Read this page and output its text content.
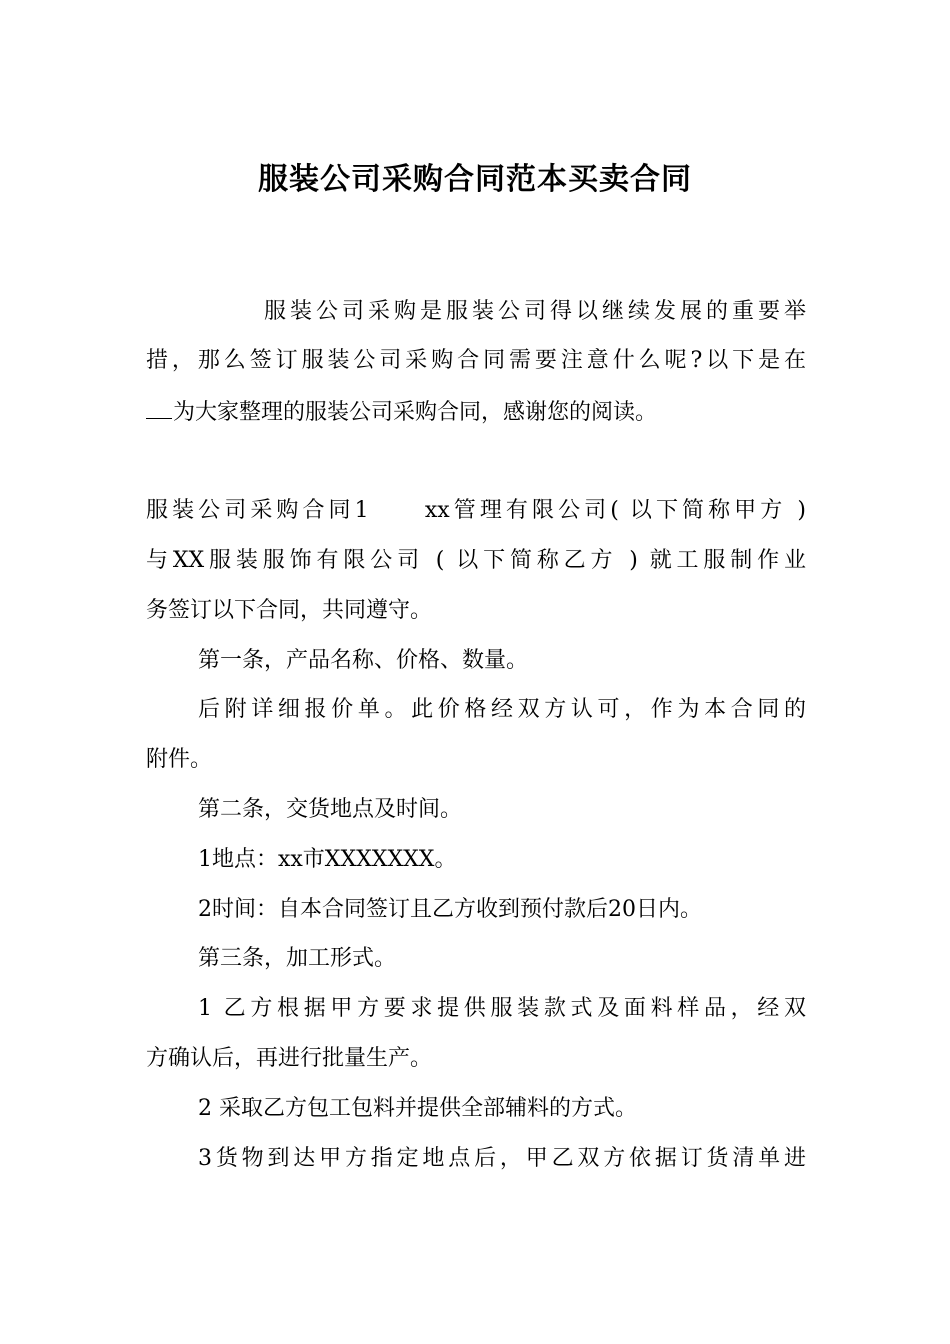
服装公司采购合同范本买卖合同

服装公司采购是服装公司得以继续发展的重要举

措，那么签订服装公司采购合同需要注意什么呢?以下是在

为大家整理的服装公司采购合同，感谢您的阅读。

服装公司采购合同1　　xx管理有限公司( 以下简称甲方 )

与XX服装服饰有限公司 ( 以下简称乙方 ) 就工服制作业

务签订以下合同，共同遵守。

第一条，产品名称、价格、数量。

后附详细报价单。此价格经双方认可，作为本合同的

附件。

第二条，交货地点及时间。

1地点：xx市XXXXXXX。

2时间：自本合同签订且乙方收到预付款后20日内。

第三条，加工形式。

1 乙方根据甲方要求提供服装款式及面料样品，经双

方确认后，再进行批量生产。

2 采取乙方包工包料并提供全部辅料的方式。

3货物到达甲方指定地点后，甲乙双方依据订货清单进
